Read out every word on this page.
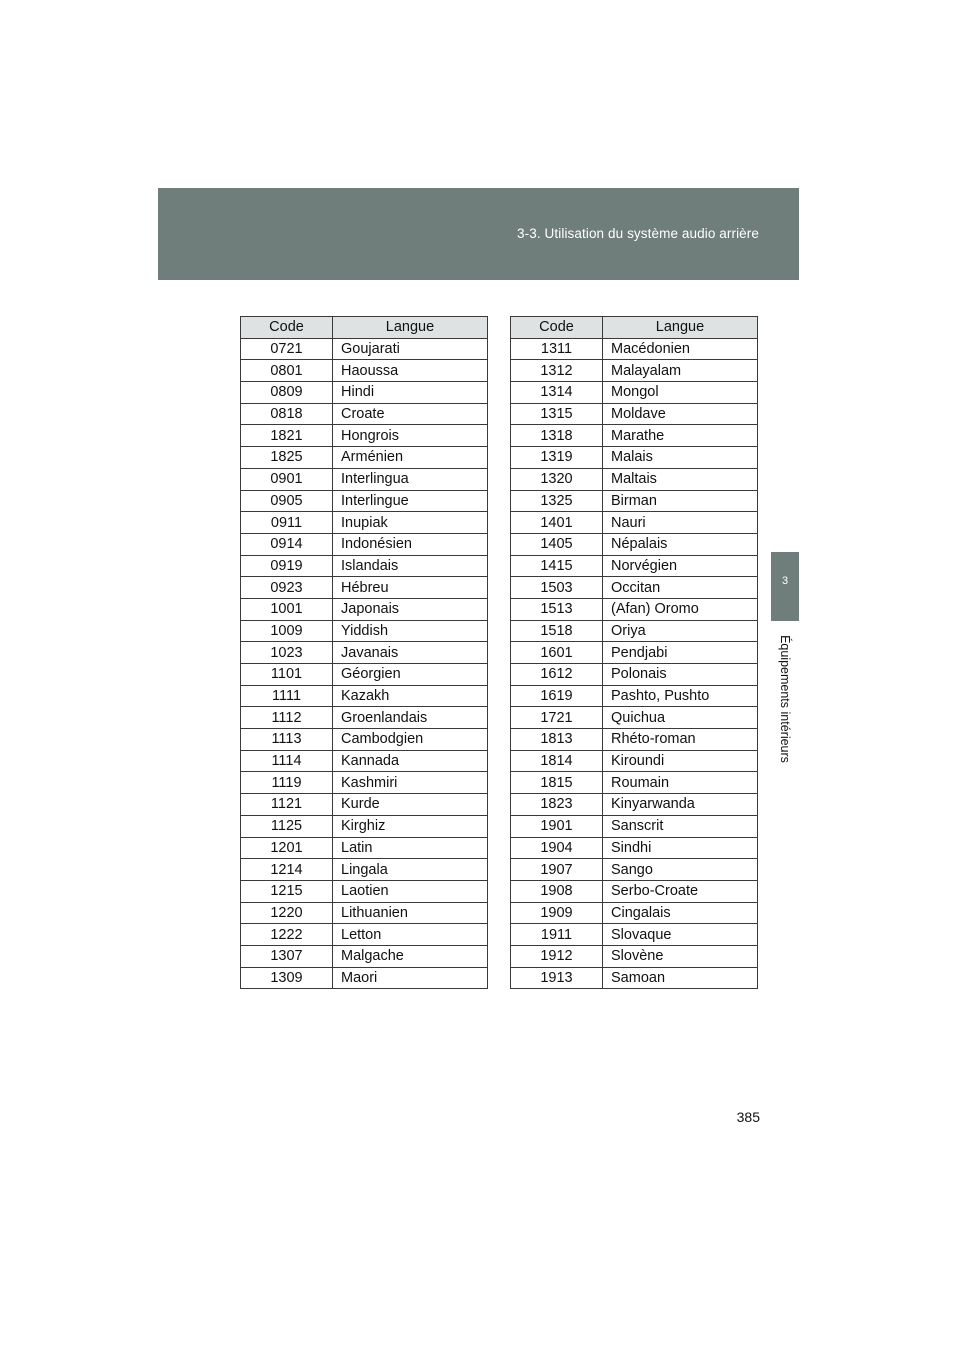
3-3. Utilisation du système audio arrière
3
Équipements intérieurs
Code	Langue
0721	Goujarati
0801	Haoussa
0809	Hindi
0818	Croate
1821	Hongrois
1825	Arménien
0901	Interlingua
0905	Interlingue
0911	Inupiak
0914	Indonésien
0919	Islandais
0923	Hébreu
1001	Japonais
1009	Yiddish
1023	Javanais
1101	Géorgien
1111	Kazakh
1112	Groenlandais
1113	Cambodgien
1114	Kannada
1119	Kashmiri
1121	Kurde
1125	Kirghiz
1201	Latin
1214	Lingala
1215	Laotien
1220	Lithuanien
1222	Letton
1307	Malgache
1309	Maori
Code	Langue
1311	Macédonien
1312	Malayalam
1314	Mongol
1315	Moldave
1318	Marathe
1319	Malais
1320	Maltais
1325	Birman
1401	Nauri
1405	Népalais
1415	Norvégien
1503	Occitan
1513	(Afan) Oromo
1518	Oriya
1601	Pendjabi
1612	Polonais
1619	Pashto, Pushto
1721	Quichua
1813	Rhéto-roman
1814	Kiroundi
1815	Roumain
1823	Kinyarwanda
1901	Sanscrit
1904	Sindhi
1907	Sango
1908	Serbo-Croate
1909	Cingalais
1911	Slovaque
1912	Slovène
1913	Samoan
385
